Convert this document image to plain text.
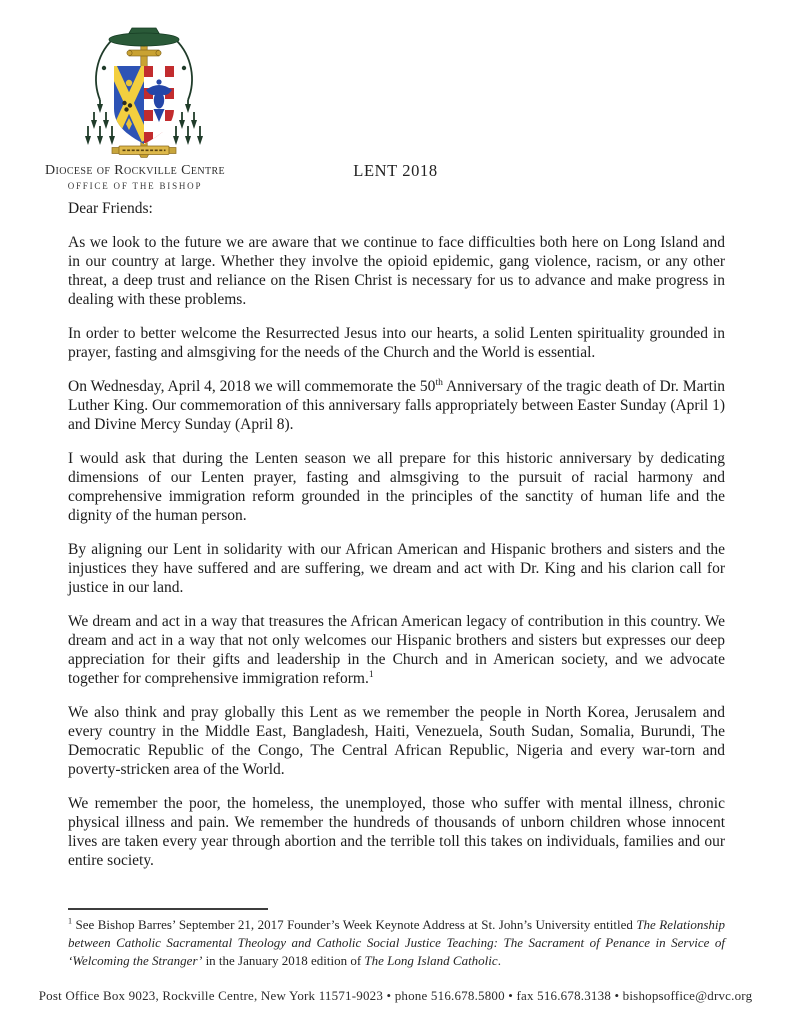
Diocese of Rockville Centre
OFFICE OF THE BISHOP
LENT 2018

Dear Friends:

As we look to the future we are aware that we continue to face difficulties both here on Long Island and in our country at large. Whether they involve the opioid epidemic, gang violence, racism, or any other threat, a deep trust and reliance on the Risen Christ is necessary for us to advance and make progress in dealing with these problems.

In order to better welcome the Resurrected Jesus into our hearts, a solid Lenten spirituality grounded in prayer, fasting and almsgiving for the needs of the Church and the World is essential.

On Wednesday, April 4, 2018 we will commemorate the 50th Anniversary of the tragic death of Dr. Martin Luther King. Our commemoration of this anniversary falls appropriately between Easter Sunday (April 1) and Divine Mercy Sunday (April 8).

I would ask that during the Lenten season we all prepare for this historic anniversary by dedicating dimensions of our Lenten prayer, fasting and almsgiving to the pursuit of racial harmony and comprehensive immigration reform grounded in the principles of the sanctity of human life and the dignity of the human person.

By aligning our Lent in solidarity with our African American and Hispanic brothers and sisters and the injustices they have suffered and are suffering, we dream and act with Dr. King and his clarion call for justice in our land.

We dream and act in a way that treasures the African American legacy of contribution in this country. We dream and act in a way that not only welcomes our Hispanic brothers and sisters but expresses our deep appreciation for their gifts and leadership in the Church and in American society, and we advocate together for comprehensive immigration reform.$^1$

We also think and pray globally this Lent as we remember the people in North Korea, Jerusalem and every country in the Middle East, Bangladesh, Haiti, Venezuela, South Sudan, Somalia, Burundi, The Democratic Republic of the Congo, The Central African Republic, Nigeria and every war-torn and poverty-stricken area of the World.

We remember the poor, the homeless, the unemployed, those who suffer with mental illness, chronic physical illness and pain. We remember the hundreds of thousands of unborn children whose innocent lives are taken every year through abortion and the terrible toll this takes on individuals, families and our entire society.

$^1$ See Bishop Barres’ September 21, 2017 Founder’s Week Keynote Address at St. John’s University entitled The Relationship between Catholic Sacramental Theology and Catholic Social Justice Teaching: The Sacrament of Penance in Service of ‘Welcoming the Stranger’ in the January 2018 edition of The Long Island Catholic.
Post Office Box 9023, Rockville Centre, New York 11571-9023 • phone 516.678.5800 • fax 516.678.3138 • bishopsoffice@drvc.org
